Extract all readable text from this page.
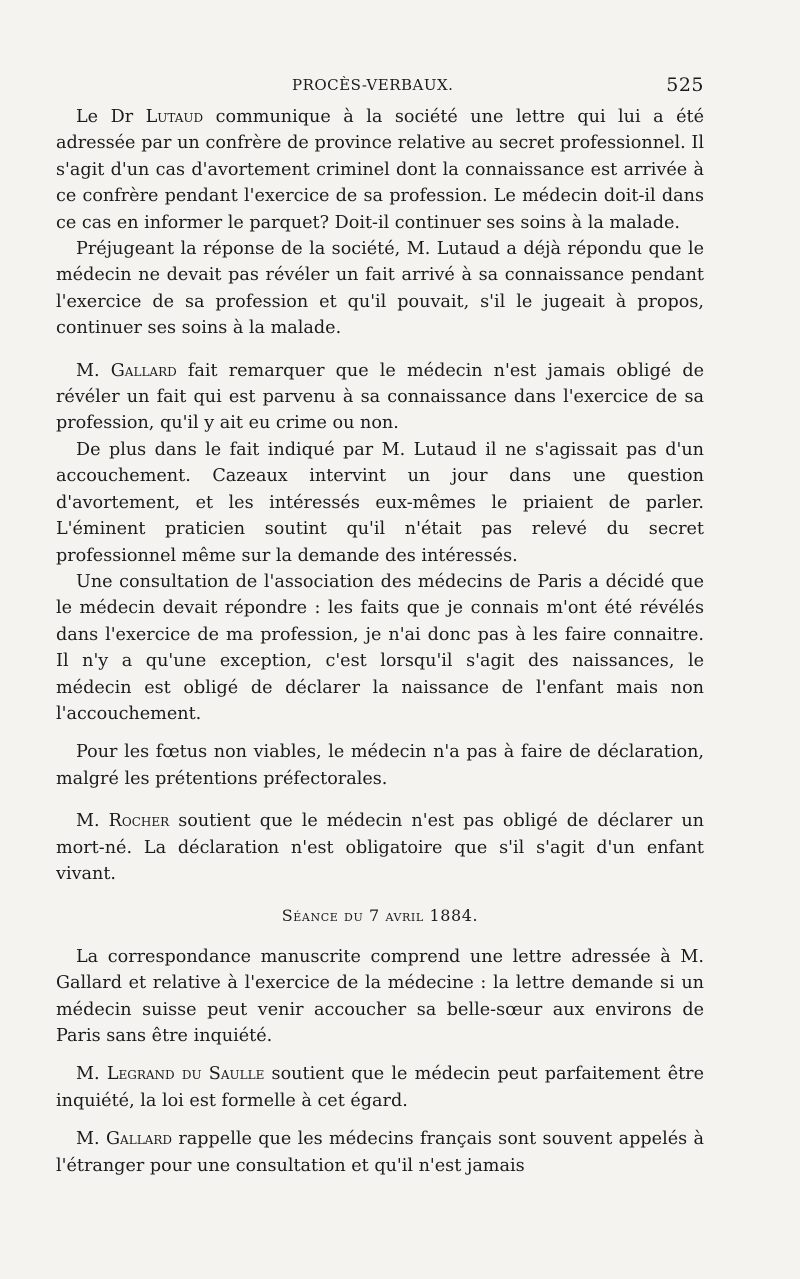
PROCÈS-VERBAUX.	525

Le Dr Lutaud communique à la société une lettre qui lui a été adressée par un confrère de province relative au secret professionnel. Il s'agit d'un cas d'avortement criminel dont la connaissance est arrivée à ce confrère pendant l'exercice de sa profession. Le médecin doit-il dans ce cas en informer le parquet? Doit-il continuer ses soins à la malade.

Préjugeant la réponse de la société, M. Lutaud a déjà répondu que le médecin ne devait pas révéler un fait arrivé à sa connaissance pendant l'exercice de sa profession et qu'il pouvait, s'il le jugeait à propos, continuer ses soins à la malade.

M. Gallard fait remarquer que le médecin n'est jamais obligé de révéler un fait qui est parvenu à sa connaissance dans l'exercice de sa profession, qu'il y ait eu crime ou non.

De plus dans le fait indiqué par M. Lutaud il ne s'agissait pas d'un accouchement. Cazeaux intervint un jour dans une question d'avortement, et les intéressés eux-mêmes le priaient de parler. L'éminent praticien soutint qu'il n'était pas relevé du secret professionnel même sur la demande des intéressés.

Une consultation de l'association des médecins de Paris a décidé que le médecin devait répondre : les faits que je connais m'ont été révélés dans l'exercice de ma profession, je n'ai donc pas à les faire connaitre. Il n'y a qu'une exception, c'est lorsqu'il s'agit des naissances, le médecin est obligé de déclarer la naissance de l'enfant mais non l'accouchement.

Pour les fœtus non viables, le médecin n'a pas à faire de déclaration, malgré les prétentions préfectorales.

M. Rocher soutient que le médecin n'est pas obligé de déclarer un mort-né. La déclaration n'est obligatoire que s'il s'agit d'un enfant vivant.

Séance du 7 avril 1884.

La correspondance manuscrite comprend une lettre adressée à M. Gallard et relative à l'exercice de la médecine : la lettre demande si un médecin suisse peut venir accoucher sa belle-sœur aux environs de Paris sans être inquiété.

M. Legrand du Saulle soutient que le médecin peut parfaitement être inquiété, la loi est formelle à cet égard.

M. Gallard rappelle que les médecins français sont souvent appelés à l'étranger pour une consultation et qu'il n'est jamais
